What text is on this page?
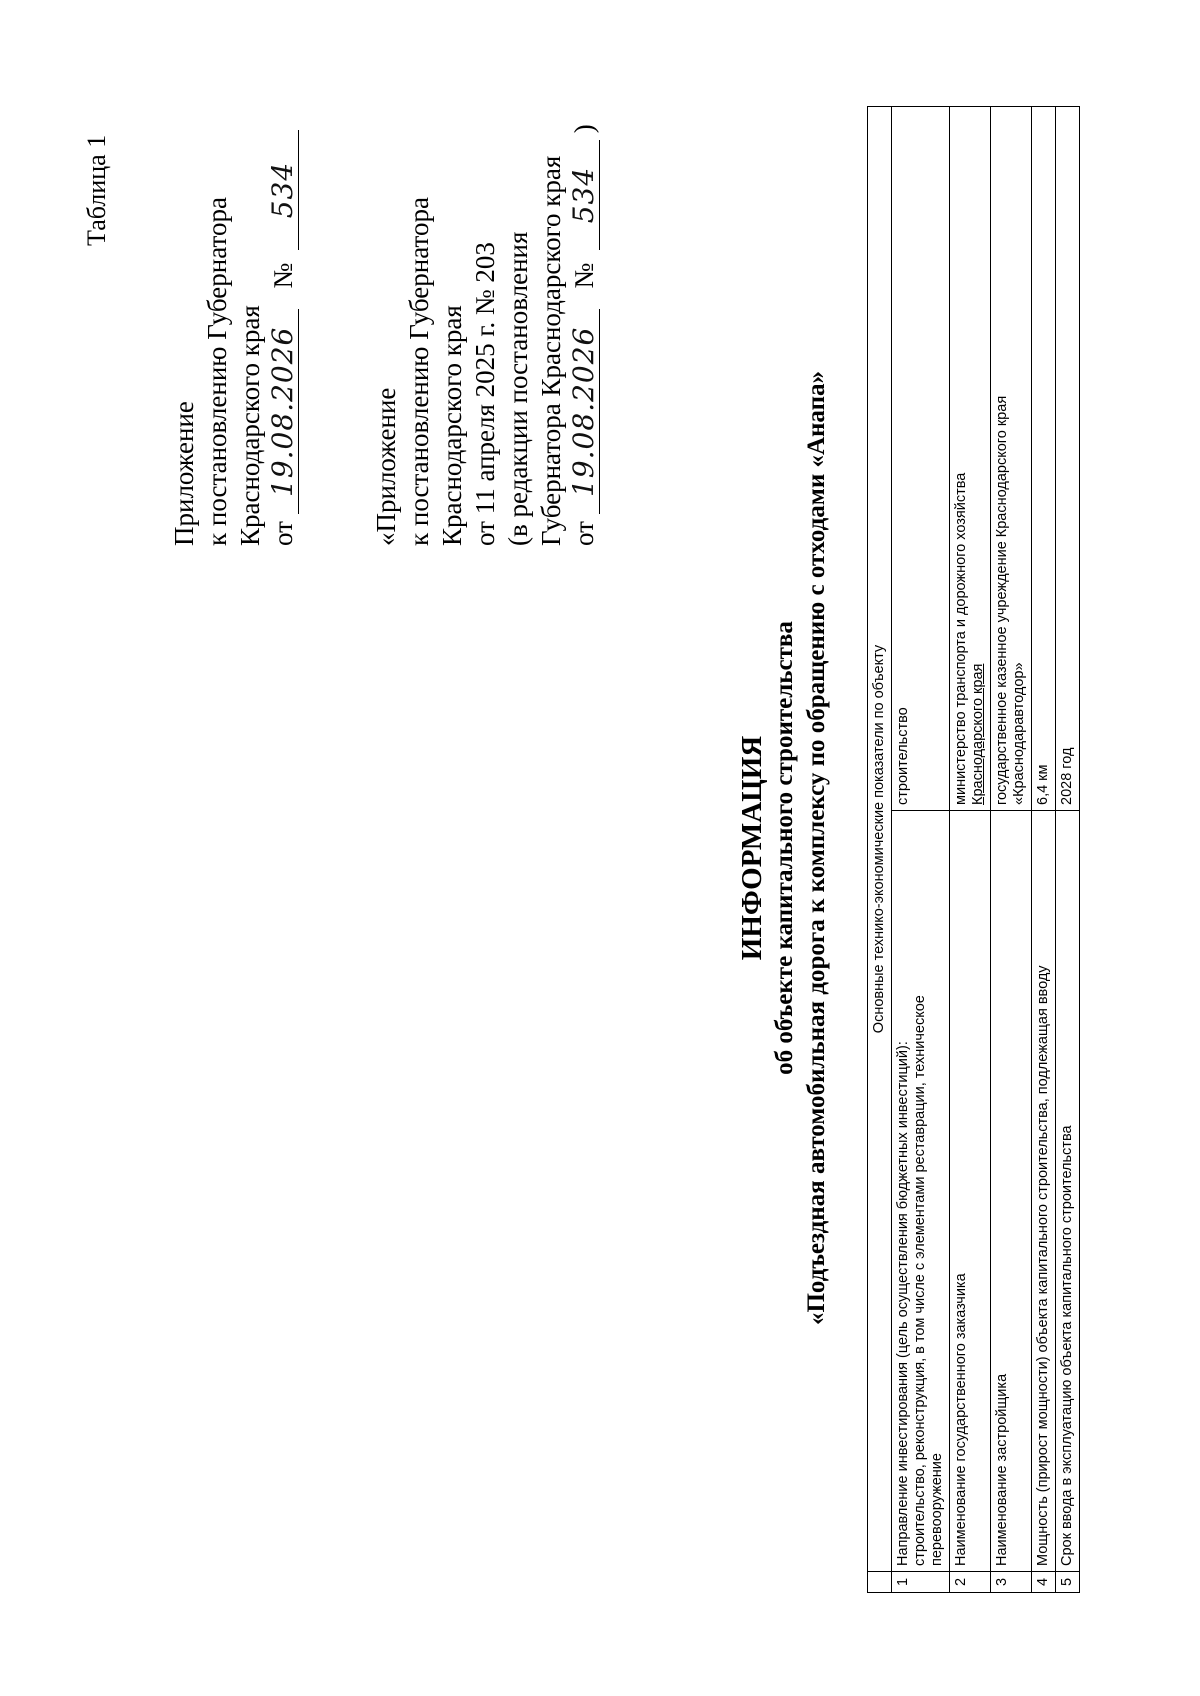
Приложение к постановлению Губернатора Краснодарского края от 19.08.2026 № 534
«Приложение к постановлению Губернатора Краснодарского края от 11 апреля 2025 г. № 203 (в редакции постановления Губернатора Краснодарского края от 19.08.2026 № 534 )
Таблица 1
ИНФОРМАЦИЯ об объекте капитального строительства «Подъездная автомобильная дорога к комплексу по обращению с отходами «Анапа»
		Основные технико-экономические показатели по объекту	
1	Направление инвестирования (цель осуществления бюджетных инвестиций): строительство, реконструкция, в том числе с элементами реставрации, техническое перевооружение	строительство

2	Наименование государственного заказчика	министерство транспорта и дорожного хозяйства Краснодарского края

3	Наименование застройщика	государственное казенное учреждение Краснодарского края «Краснодаравтодор»

4	Мощность (прирост мощности) объекта капитального строительства, подлежащая вводу	6,4 км

5	Срок ввода в эксплуатацию объекта капитального строительства	2028 год
